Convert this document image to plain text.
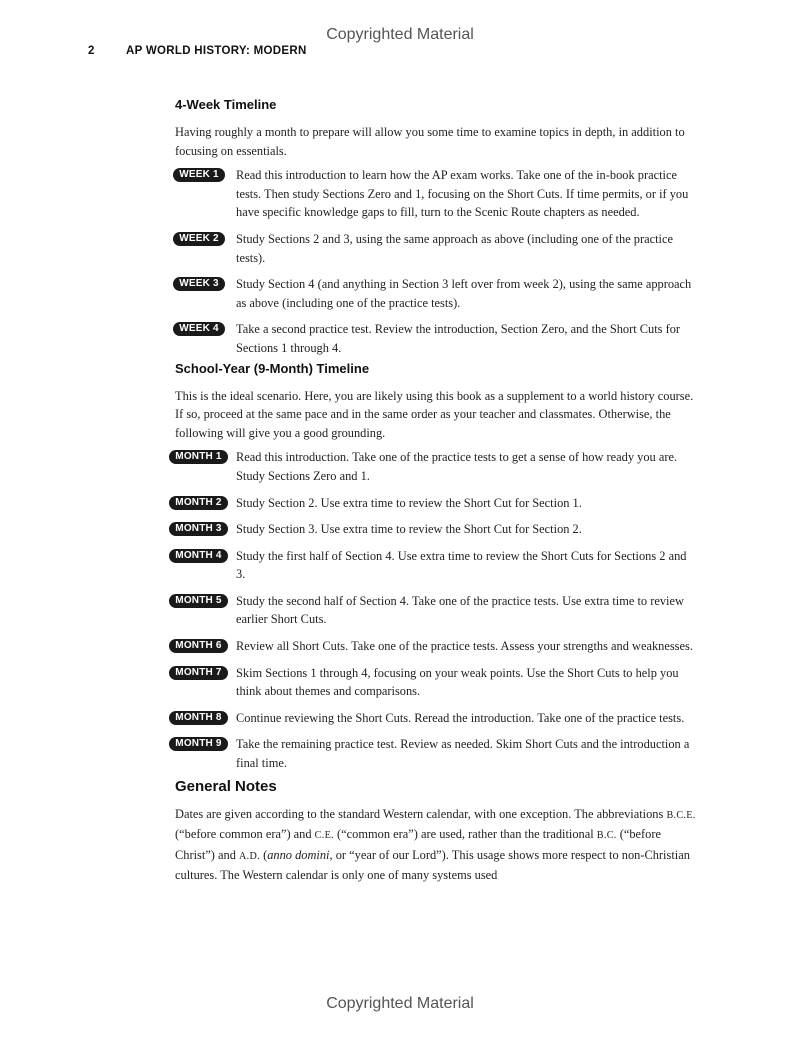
Copyrighted Material
2	AP WORLD HISTORY: MODERN
4-Week Timeline

Having roughly a month to prepare will allow you some time to examine topics in depth, in addition to focusing on essentials.

WEEK 1	Read this introduction to learn how the AP exam works. Take one of the in-book practice tests. Then study Sections Zero and 1, focusing on the Short Cuts. If time permits, or if you have specific knowledge gaps to fill, turn to the Scenic Route chapters as needed.
WEEK 2	Study Sections 2 and 3, using the same approach as above (including one of the practice tests).
WEEK 3	Study Section 4 (and anything in Section 3 left over from week 2), using the same approach as above (including one of the practice tests).
WEEK 4	Take a second practice test. Review the introduction, Section Zero, and the Short Cuts for Sections 1 through 4.
School-Year (9-Month) Timeline

This is the ideal scenario. Here, you are likely using this book as a supplement to a world history course. If so, proceed at the same pace and in the same order as your teacher and classmates. Otherwise, the following will give you a good grounding.

MONTH 1	Read this introduction. Take one of the practice tests to get a sense of how ready you are. Study Sections Zero and 1.
MONTH 2	Study Section 2. Use extra time to review the Short Cut for Section 1.
MONTH 3	Study Section 3. Use extra time to review the Short Cut for Section 2.
MONTH 4	Study the first half of Section 4. Use extra time to review the Short Cuts for Sections 2 and 3.
MONTH 5	Study the second half of Section 4. Take one of the practice tests. Use extra time to review earlier Short Cuts.
MONTH 6	Review all Short Cuts. Take one of the practice tests. Assess your strengths and weaknesses.
MONTH 7	Skim Sections 1 through 4, focusing on your weak points. Use the Short Cuts to help you think about themes and comparisons.
MONTH 8	Continue reviewing the Short Cuts. Reread the introduction. Take one of the practice tests.
MONTH 9	Take the remaining practice test. Review as needed. Skim Short Cuts and the introduction a final time.
General Notes

Dates are given according to the standard Western calendar, with one exception. The abbreviations B.C.E. (“before common era”) and C.E. (“common era”) are used, rather than the traditional B.C. (“before Christ”) and A.D. (anno domini, or “year of our Lord”). This usage shows more respect to non-Christian cultures. The Western calendar is only one of many systems used

Copyrighted Material
